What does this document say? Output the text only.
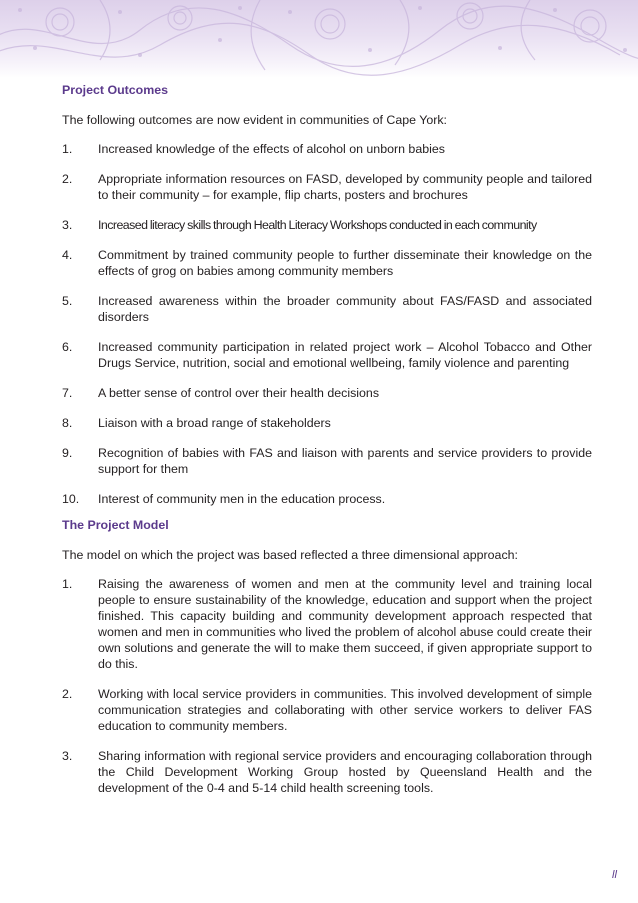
Project Outcomes
The following outcomes are now evident in communities of Cape York:
1.	Increased knowledge of the effects of alcohol on unborn babies
2.	Appropriate information resources on FASD, developed by community people and tailored to their community – for example, flip charts, posters and brochures
3.	Increased literacy skills through Health Literacy Workshops conducted in each community
4.	Commitment by trained community people to further disseminate their knowledge on the effects of grog on babies among community members
5.	Increased awareness within the broader community about FAS/FASD and associated disorders
6.	Increased community participation in related project work – Alcohol Tobacco and Other Drugs Service, nutrition, social and emotional wellbeing, family violence and parenting
7.	A better sense of control over their health decisions
8.	Liaison with a broad range of stakeholders
9.	Recognition of babies with FAS and liaison with parents and service providers to provide support for them
10.	Interest of community men in the education process.
The Project Model
The model on which the project was based reflected a three dimensional approach:
1.	Raising the awareness of women and men at the community level and training local people to ensure sustainability of the knowledge, education and support when the project finished. This capacity building and community development approach respected that women and men in communities who lived the problem of alcohol abuse could create their own solutions and generate the will to make them succeed, if given appropriate support to do this.
2.	Working with local service providers in communities. This involved development of simple communication strategies and collaborating with other service workers to deliver FAS education to community members.
3.	Sharing information with regional service providers and encouraging collaboration through the Child Development Working Group hosted by Queensland Health and the development of the 0-4 and 5-14 child health screening tools.
ll
